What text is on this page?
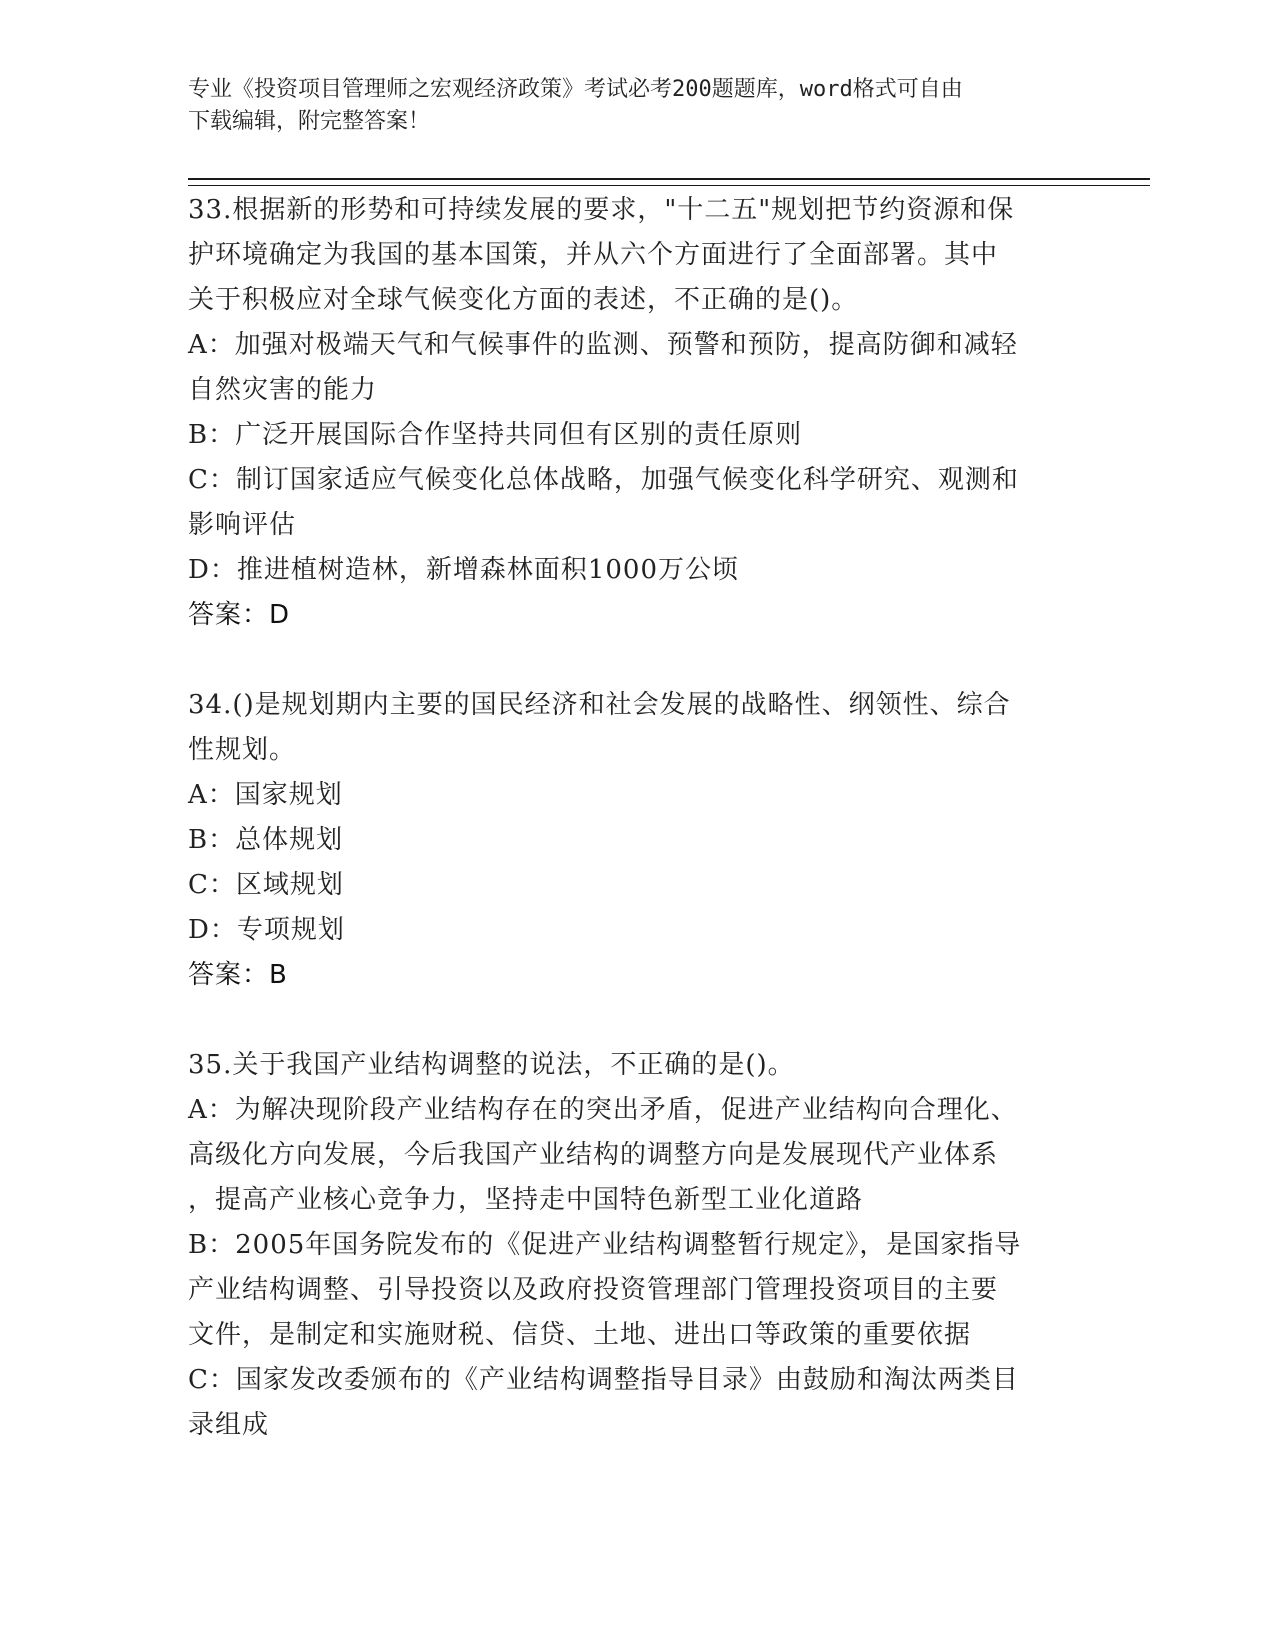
专业《投资项目管理师之宏观经济政策》考试必考200题题库，word格式可自由
下载编辑，附完整答案！
33.根据新的形势和可持续发展的要求，"十二五"规划把节约资源和保
护环境确定为我国的基本国策，并从六个方面进行了全面部署。其中
关于积极应对全球气候变化方面的表述，不正确的是()。
A：加强对极端天气和气候事件的监测、预警和预防，提高防御和减轻
自然灾害的能力
B：广泛开展国际合作坚持共同但有区别的责任原则
C：制订国家适应气候变化总体战略，加强气候变化科学研究、观测和
影响评估
D：推进植树造林，新增森林面积1000万公顷
答案：D
34.()是规划期内主要的国民经济和社会发展的战略性、纲领性、综合
性规划。
A：国家规划
B：总体规划
C：区域规划
D：专项规划
答案：B
35.关于我国产业结构调整的说法，不正确的是()。
A：为解决现阶段产业结构存在的突出矛盾，促进产业结构向合理化、
高级化方向发展，今后我国产业结构的调整方向是发展现代产业体系
，提高产业核心竞争力，坚持走中国特色新型工业化道路
B：2005年国务院发布的《促进产业结构调整暂行规定》，是国家指导
产业结构调整、引导投资以及政府投资管理部门管理投资项目的主要
文件，是制定和实施财税、信贷、土地、进出口等政策的重要依据
C：国家发改委颁布的《产业结构调整指导目录》由鼓励和淘汰两类目
录组成
